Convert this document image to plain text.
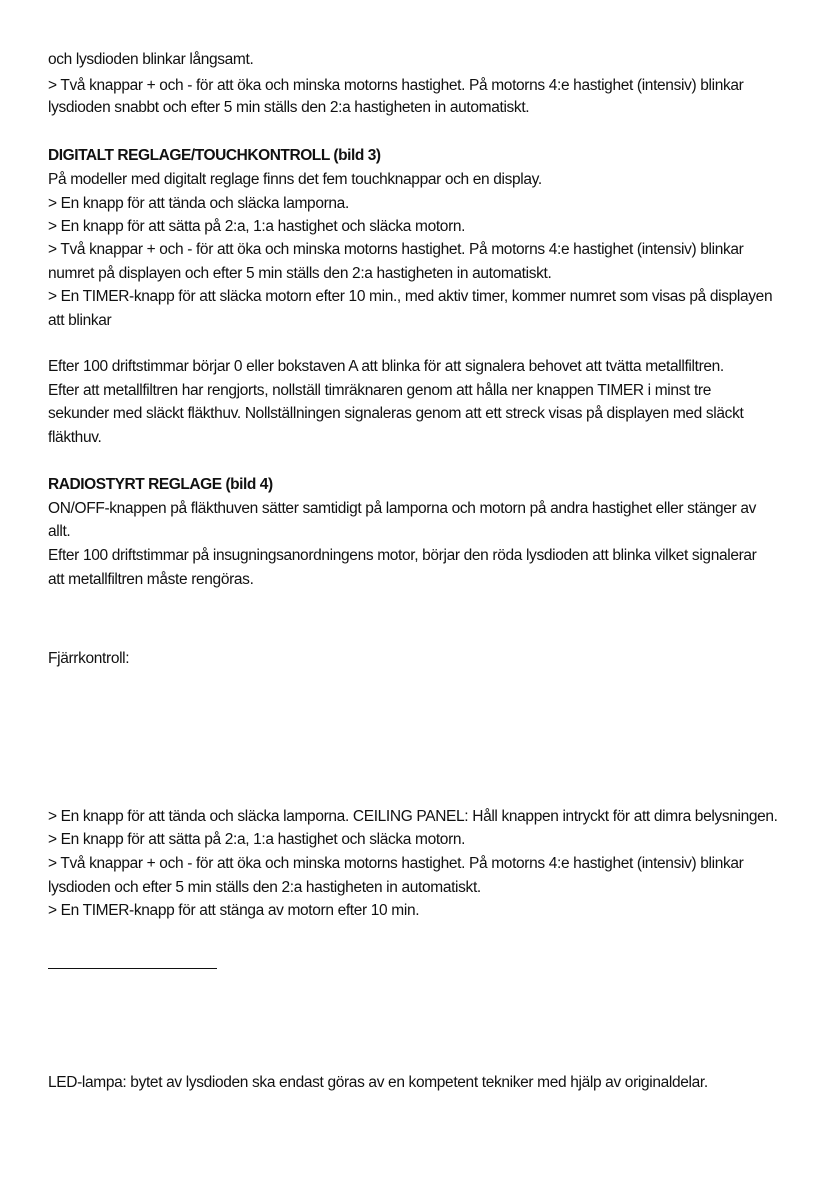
och lysdioden blinkar långsamt.
> Två knappar + och - för att öka och minska motorns hastighet. På motorns 4:e hastighet (intensiv) blinkar
lysdioden snabbt och efter 5 min ställs den 2:a hastigheten in automatiskt.
DIGITALT REGLAGE/TOUCHKONTROLL (bild 3)
På modeller med digitalt reglage finns det fem touchknappar och en display.
> En knapp för att tända och släcka lamporna.
> En knapp för att sätta på 2:a, 1:a hastighet och släcka motorn.
> Två knappar + och - för att öka och minska motorns hastighet. På motorns 4:e hastighet (intensiv) blinkar
numret på displayen och efter 5 min ställs den 2:a hastigheten in automatiskt.
> En TIMER-knapp för att släcka motorn efter 10 min., med aktiv timer, kommer numret som visas på displayen
att blinkar
Efter 100 driftstimmar börjar 0 eller bokstaven A att blinka för att signalera behovet att tvätta metallfiltren.
Efter att metallfiltren har rengjorts, nollställ timräknaren genom att hålla ner knappen TIMER i minst tre
sekunder med släckt fläkthuv. Nollställningen signaleras genom att ett streck visas på displayen med släckt
fläkthuv.
RADIOSTYRT REGLAGE (bild 4)
ON/OFF-knappen på fläkthuven sätter samtidigt på lamporna och motorn på andra hastighet eller stänger av
allt.
Efter 100 driftstimmar på insugningsanordningens motor, börjar den röda lysdioden att blinka vilket signalerar
att metallfiltren måste rengöras.
Fjärrkontroll:
> En knapp för att tända och släcka lamporna. CEILING PANEL: Håll knappen intryckt för att dimra belysningen.
> En knapp för att sätta på 2:a, 1:a hastighet och släcka motorn.
> Två knappar + och - för att öka och minska motorns hastighet. På motorns 4:e hastighet (intensiv) blinkar
lysdioden och efter 5 min ställs den 2:a hastigheten in automatiskt.
> En TIMER-knapp för att stänga av motorn efter 10 min.
LED-lampa: bytet av lysdioden ska endast göras av en kompetent tekniker med hjälp av originaldelar.
